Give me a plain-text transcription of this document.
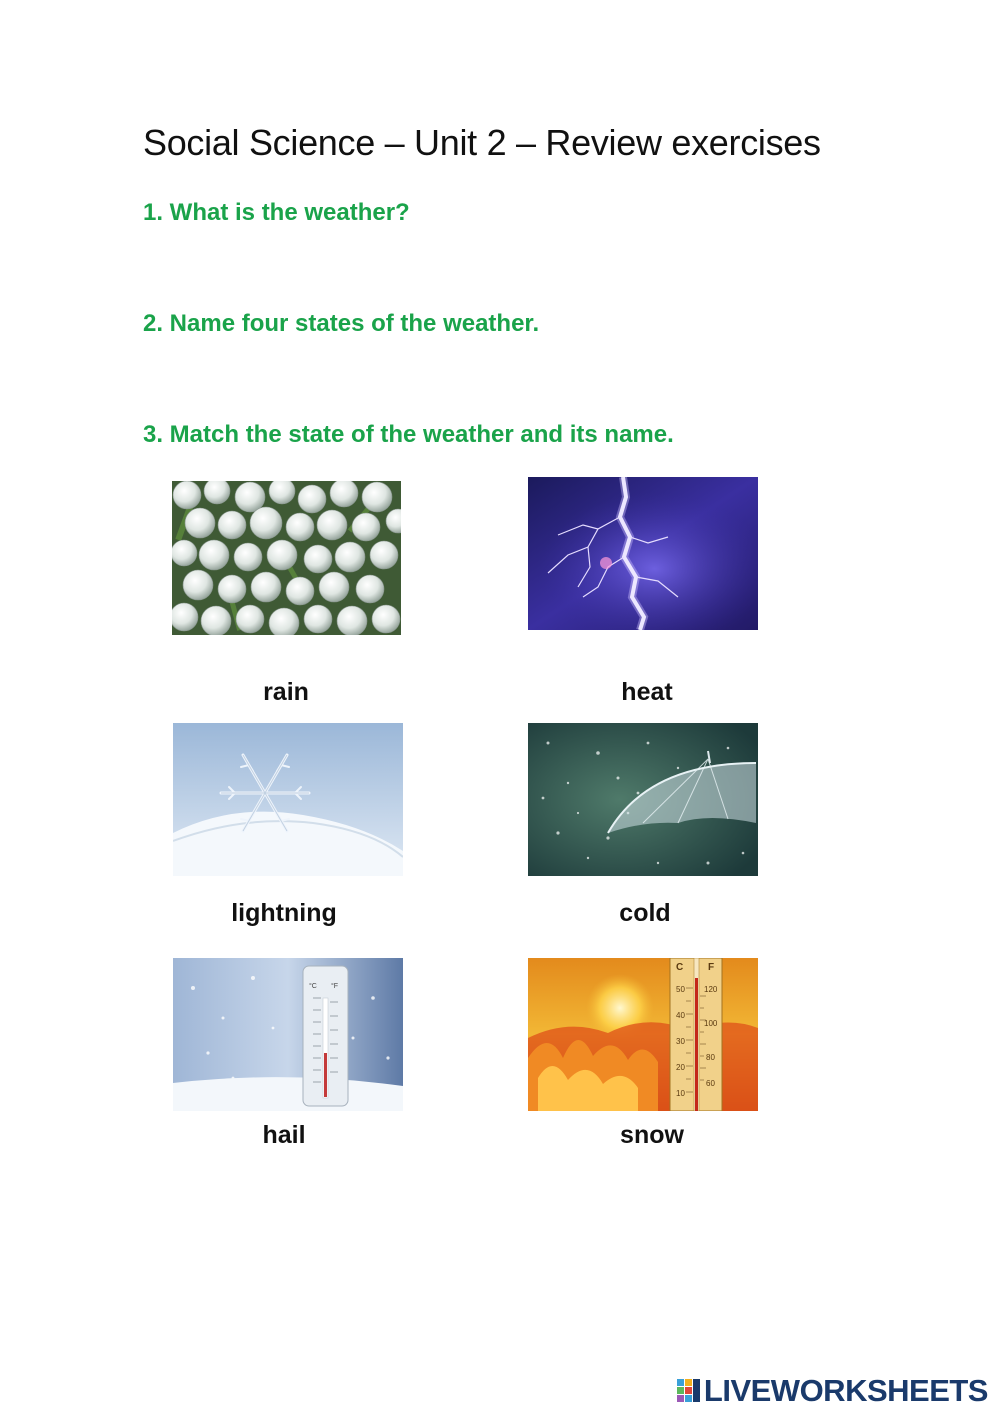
Social Science – Unit 2 – Review exercises
1. What is the weather?
2. Name four states of the weather.
3. Match the state of the weather and its name.
rain	heat
lightning	cold
°C °F
C F
50
40
30
20
10
120
100
80
60
hail	snow
LIVEWORKSHEETS
